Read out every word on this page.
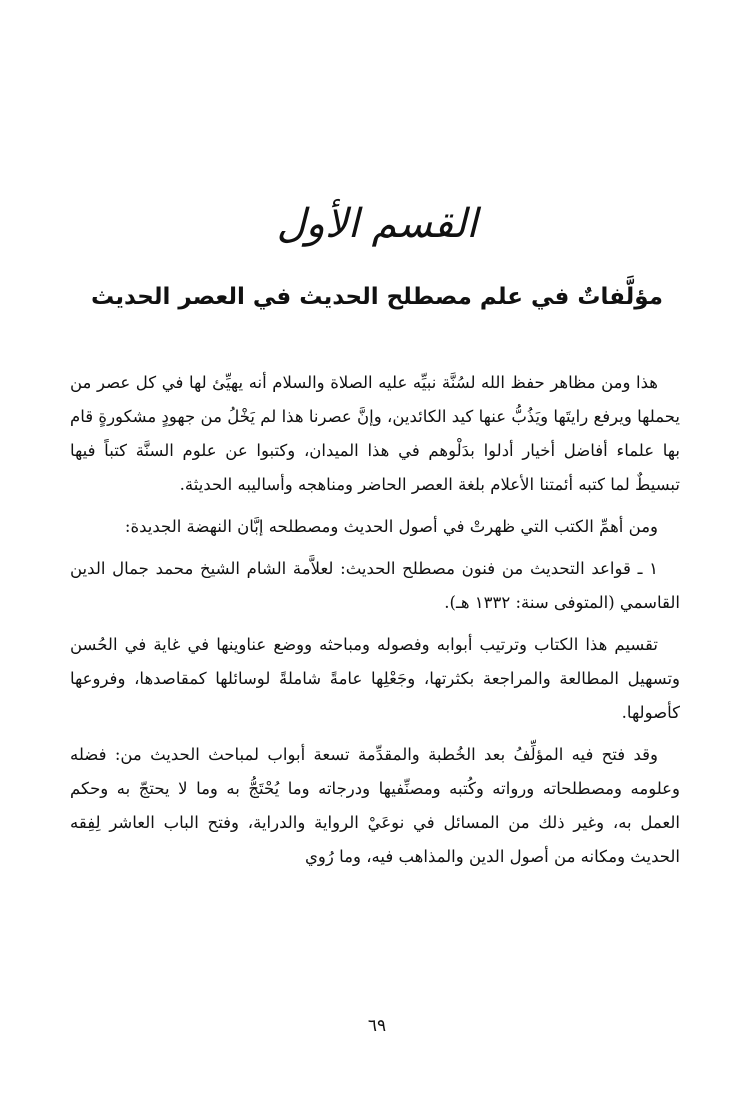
القسم الأول
مؤلَّفاتٌ في علم مصطلح الحديث في العصر الحديث

هذا ومن مظاهر حفظ الله لسُنَّة نبيِّه عليه الصلاة والسلام أنه يهيِّئ لها في كل عصر من يحملها ويرفع رايتَها ويَذُبُّ عنها كيد الكائدين، وإنَّ عصرنا هذا لم يَخْلُ من جهودٍ مشكورةٍ قام بها علماء أفاضل أخيار أدلوا بدَلْوهم في هذا الميدان، وكتبوا عن علوم السنَّة كتباً فيها تبسيطٌ لما كتبه أئمتنا الأعلام بلغة العصر الحاضر ومناهجه وأساليبه الحديثة.

ومن أهمِّ الكتب التي ظهرتْ في أصول الحديث ومصطلحه إبَّان النهضة الجديدة:

١ ـ قواعد التحديث من فنون مصطلح الحديث: لعلاَّمة الشام الشيخ محمد جمال الدين القاسمي (المتوفى سنة: ١٣٣٢ هـ).

تقسيم هذا الكتاب وترتيب أبوابه وفصوله ومباحثه ووضع عناوينها في غاية في الحُسن وتسهيل المطالعة والمراجعة بكثرتها، وجَعْلِها عامةً شاملةً لوسائلها كمقاصدها، وفروعها كأصولها.

وقد فتح فيه المؤلِّفُ بعد الخُطبة والمقدِّمة تسعة أبواب لمباحث الحديث من: فضله وعلومه ومصطلحاته ورواته وكُتبه ومصنِّفيها ودرجاته وما يُحْتَجُّ به وما لا يحتجّ به وحكم العمل به، وغير ذلك من المسائل في نوعَيْ الرواية والدراية، وفتح الباب العاشر لِفِقه الحديث ومكانه من أصول الدين والمذاهب فيه، وما رُوي

٦٩
